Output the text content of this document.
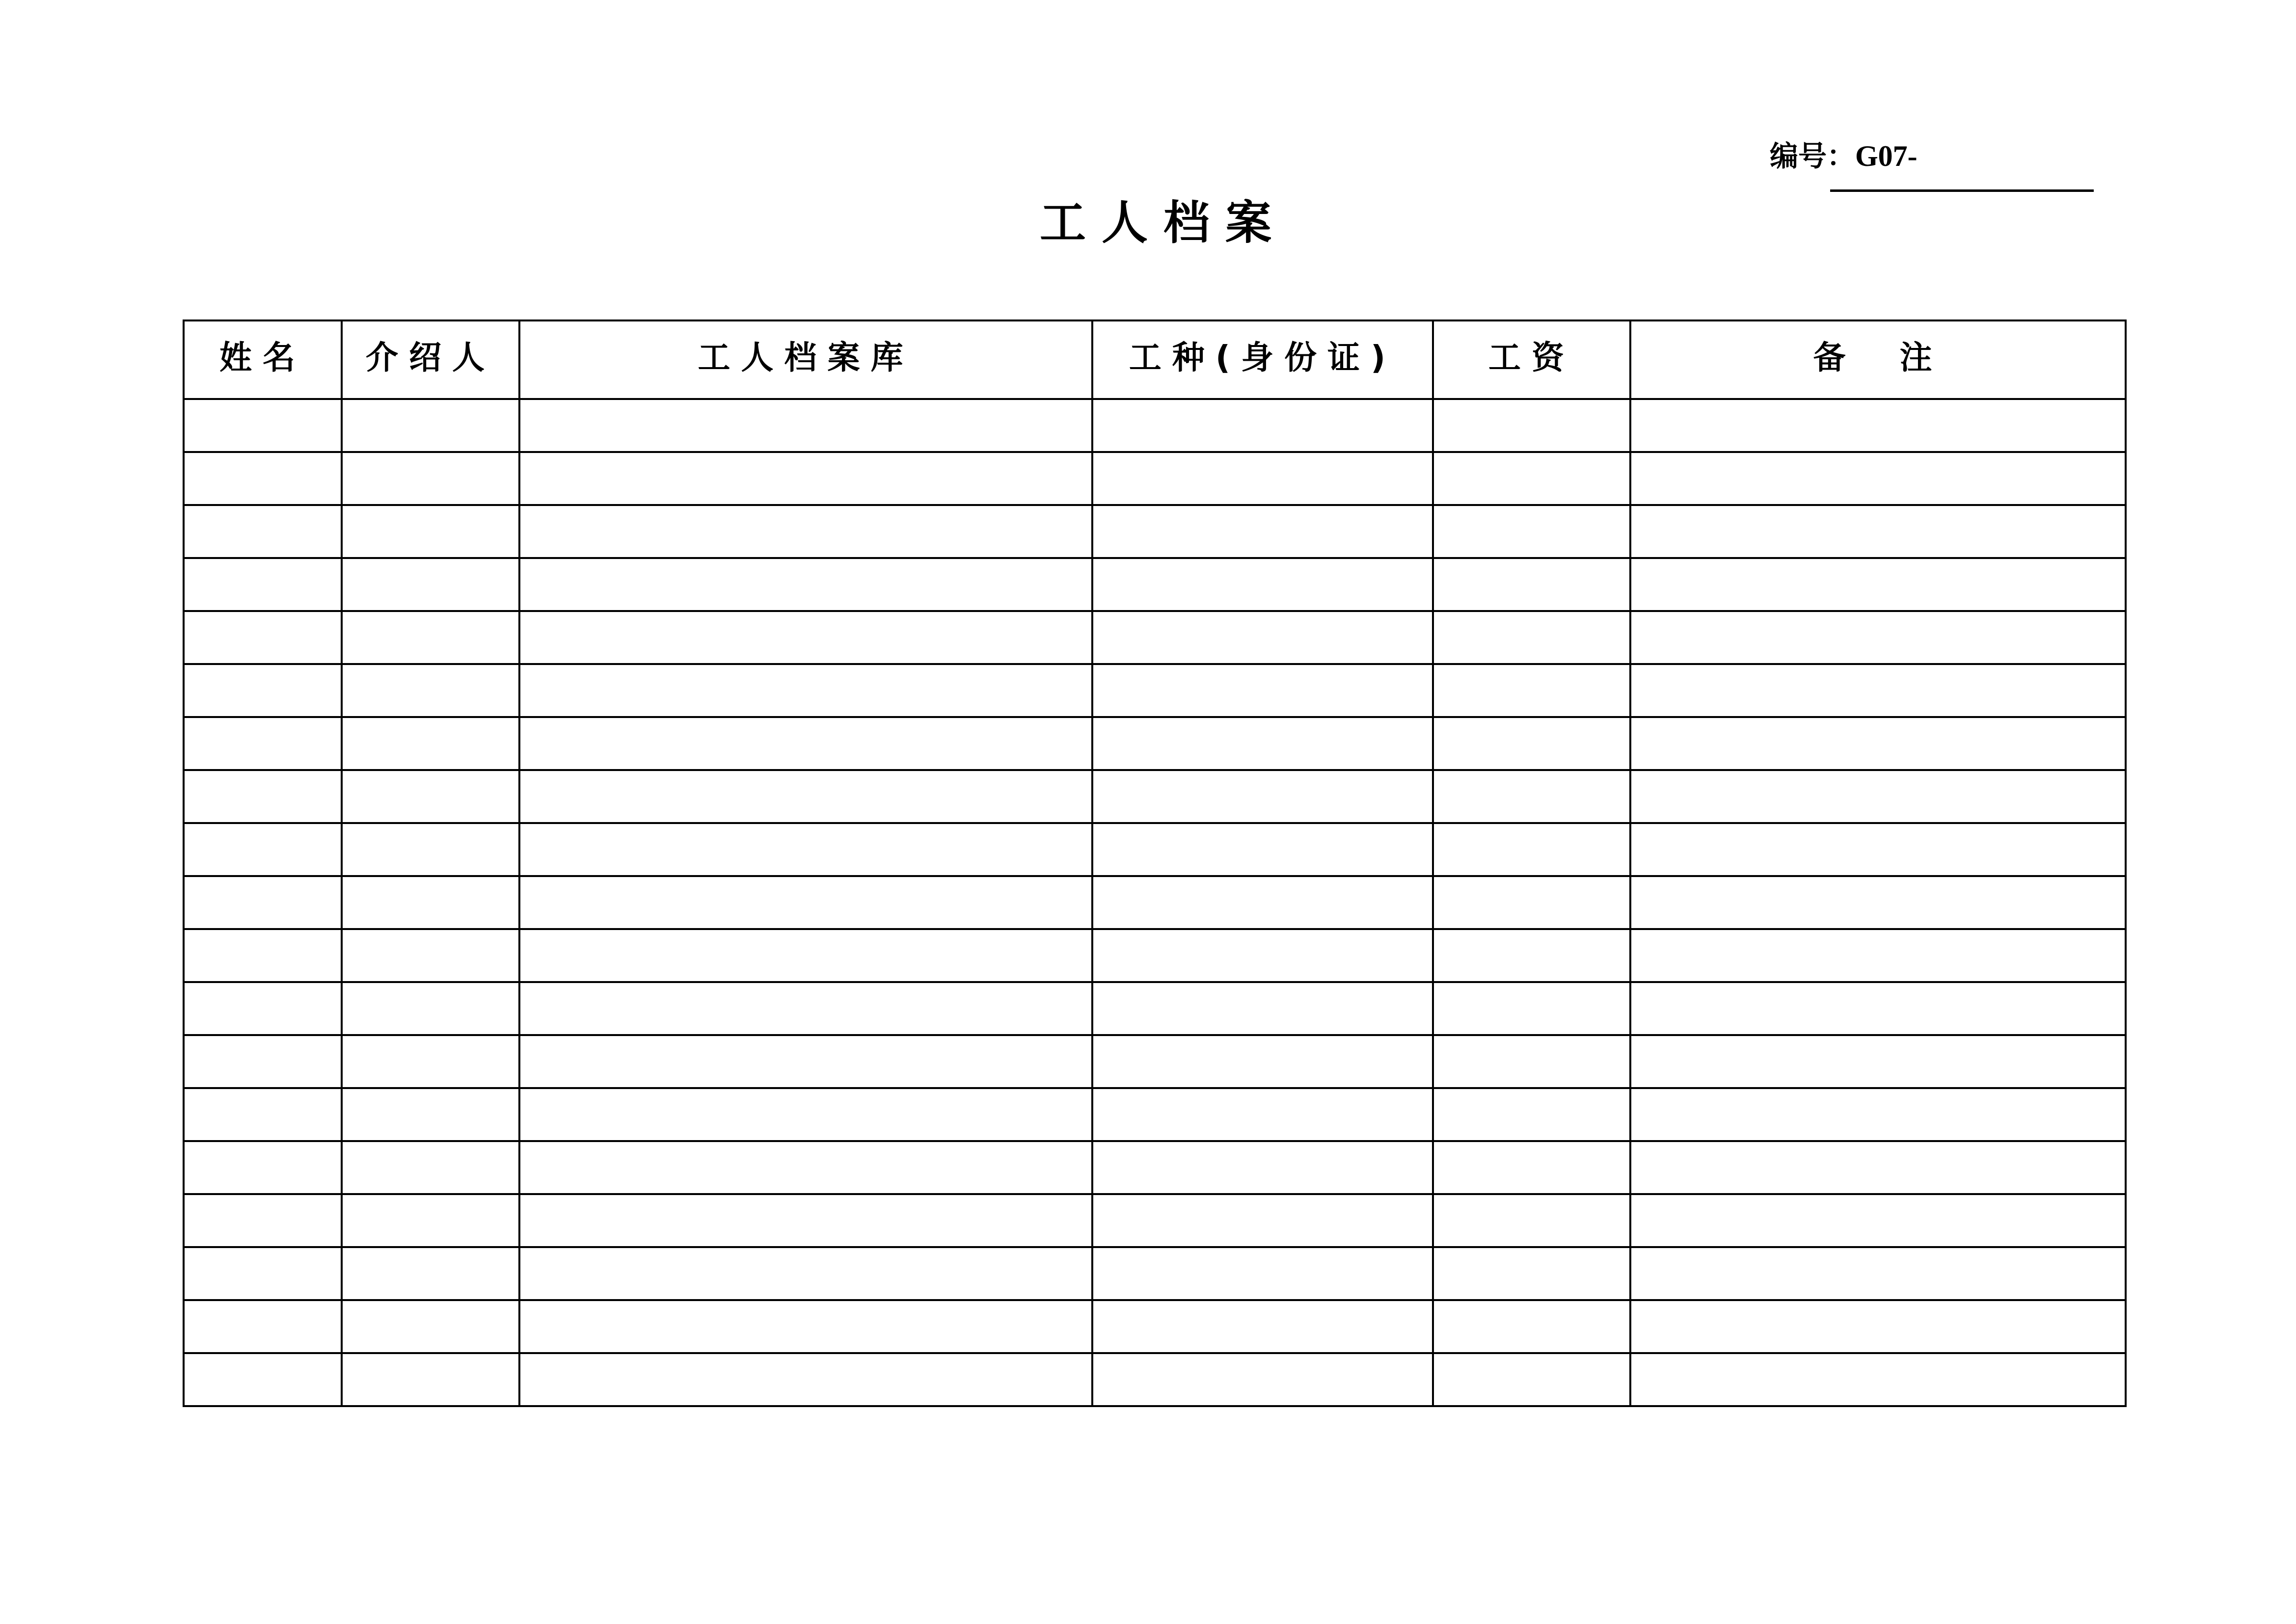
编号：G07-
工人档案
姓名	介绍人	工人档案库	工种(身份证)	工资	备　注
